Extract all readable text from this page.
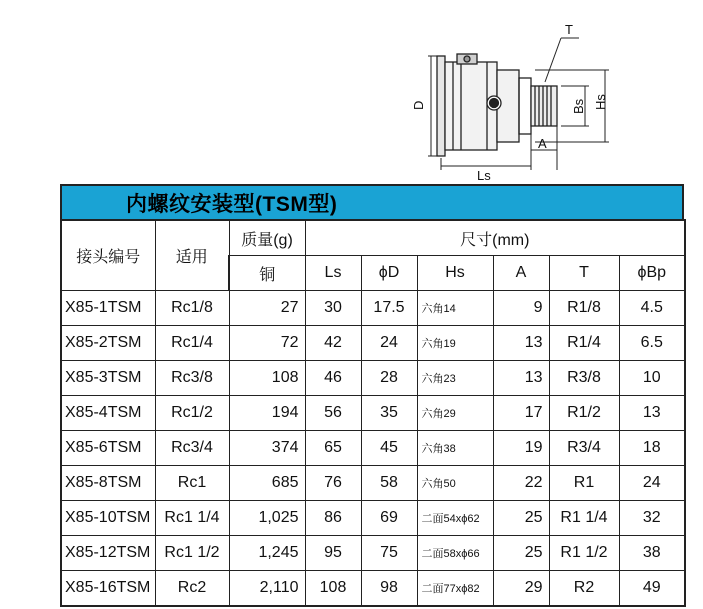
T
D
Ls
A
Bs Hs
内螺纹安装型(TSM型)
接头编号	适用	质量(g)	尺寸(mm)					
		铜	Ls	ϕD	Hs	A	T	ϕBp
X85-1TSM	Rc1/8	27	30	17.5	六角14	9	R1/8	4.5
X85-2TSM	Rc1/4	72	42	24	六角19	13	R1/4	6.5
X85-3TSM	Rc3/8	108	46	28	六角23	13	R3/8	10
X85-4TSM	Rc1/2	194	56	35	六角29	17	R1/2	13
X85-6TSM	Rc3/4	374	65	45	六角38	19	R3/4	18
X85-8TSM	Rc1	685	76	58	六角50	22	R1	24
X85-10TSM	Rc1 1/4	1,025	86	69	二面54xϕ62	25	R1 1/4	32
X85-12TSM	Rc1 1/2	1,245	95	75	二面58xϕ66	25	R1 1/2	38
X85-16TSM	Rc2	2,110	108	98	二面77xϕ82	29	R2	49
